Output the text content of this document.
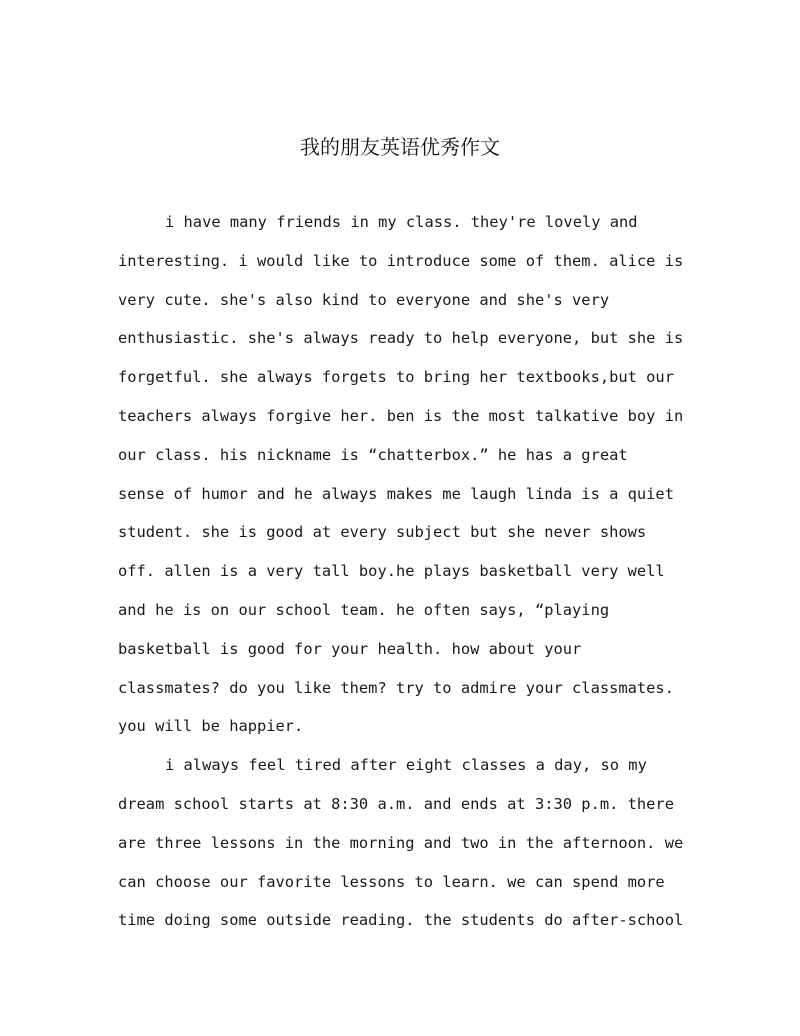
我的朋友英语优秀作文
i have many friends in my class. they're lovely and
interesting. i would like to introduce some of them. alice is
very cute. she's also kind to everyone and she's very
enthusiastic. she's always ready to help everyone, but she is
forgetful. she always forgets to bring her textbooks,but our
teachers always forgive her. ben is the most talkative boy in
our class. his nickname is “chatterbox.” he has a great
sense of humor and he always makes me laugh linda is a quiet
student. she is good at every subject but she never shows
off. allen is a very tall boy.he plays basketball very well
and he is on our school team. he often says, “playing
basketball is good for your health. how about your
classmates? do you like them? try to admire your classmates.
you will be happier.
i always feel tired after eight classes a day, so my
dream school starts at 8:30 a.m. and ends at 3:30 p.m. there
are three lessons in the morning and two in the afternoon. we
can choose our favorite lessons to learn. we can spend more
time doing some outside reading. the students do after-school
